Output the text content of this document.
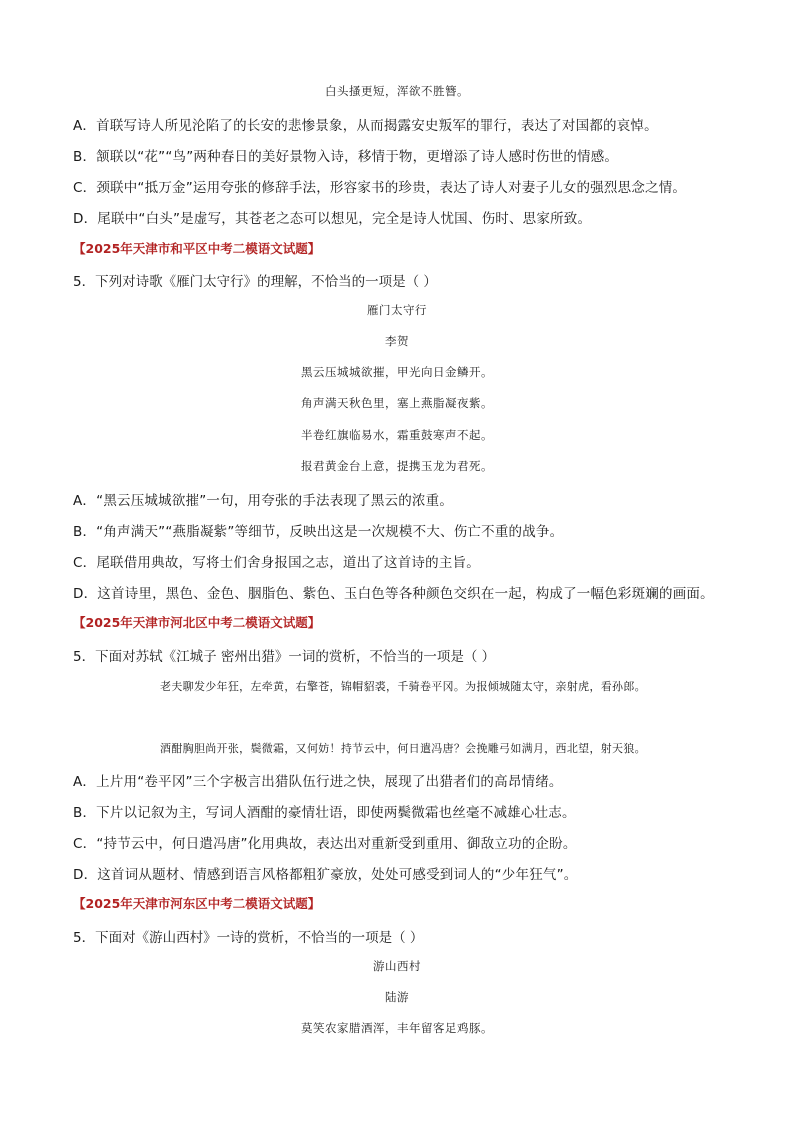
白头搔更短，浑欲不胜簪。
A．首联写诗人所见沦陷了的长安的悲惨景象，从而揭露安史叛军的罪行，表达了对国都的哀悼。
B．颔联以“花”“鸟”两种春日的美好景物入诗，移情于物，更增添了诗人感时伤世的情感。
C．颈联中“抵万金”运用夸张的修辞手法，形容家书的珍贵，表达了诗人对妻子儿女的强烈思念之情。
D．尾联中“白头”是虚写，其苍老之态可以想见，完全是诗人忧国、伤时、思家所致。
【2025年天津市和平区中考二模语文试题】
5．下列对诗歌《雁门太守行》的理解，不恰当的一项是（ ）
雁门太守行
李贺
黑云压城城欲摧，甲光向日金鳞开。
角声满天秋色里，塞上燕脂凝夜紫。
半卷红旗临易水，霜重鼓寒声不起。
报君黄金台上意，提携玉龙为君死。
A．“黑云压城城欲摧”一句，用夸张的手法表现了黑云的浓重。
B．“角声满天”“燕脂凝紫”等细节，反映出这是一次规模不大、伤亡不重的战争。
C．尾联借用典故，写将士们舍身报国之志，道出了这首诗的主旨。
D．这首诗里，黑色、金色、胭脂色、紫色、玉白色等各种颜色交织在一起，构成了一幅色彩斑斓的画面。
【2025年天津市河北区中考二模语文试题】
5．下面对苏轼《江城子 密州出猎》一词的赏析，不恰当的一项是（ ）
老夫聊发少年狂，左牵黄，右擎苍，锦帽貂裘，千骑卷平冈。为报倾城随太守，亲射虎，看孙郎。
酒酣胸胆尚开张，鬓微霜，又何妨！持节云中，何日遣冯唐？会挽雕弓如满月，西北望，射天狼。
A．上片用“卷平冈”三个字极言出猎队伍行进之快，展现了出猎者们的高昂情绪。
B．下片以记叙为主，写词人酒酣的豪情壮语，即使两鬓微霜也丝毫不减雄心壮志。
C．“持节云中，何日遣冯唐”化用典故，表达出对重新受到重用、御敌立功的企盼。
D．这首词从题材、情感到语言风格都粗犷豪放，处处可感受到词人的“少年狂气”。
【2025年天津市河东区中考二模语文试题】
5．下面对《游山西村》一诗的赏析，不恰当的一项是（ ）
游山西村
陆游
莫笑农家腊酒浑，丰年留客足鸡豚。
